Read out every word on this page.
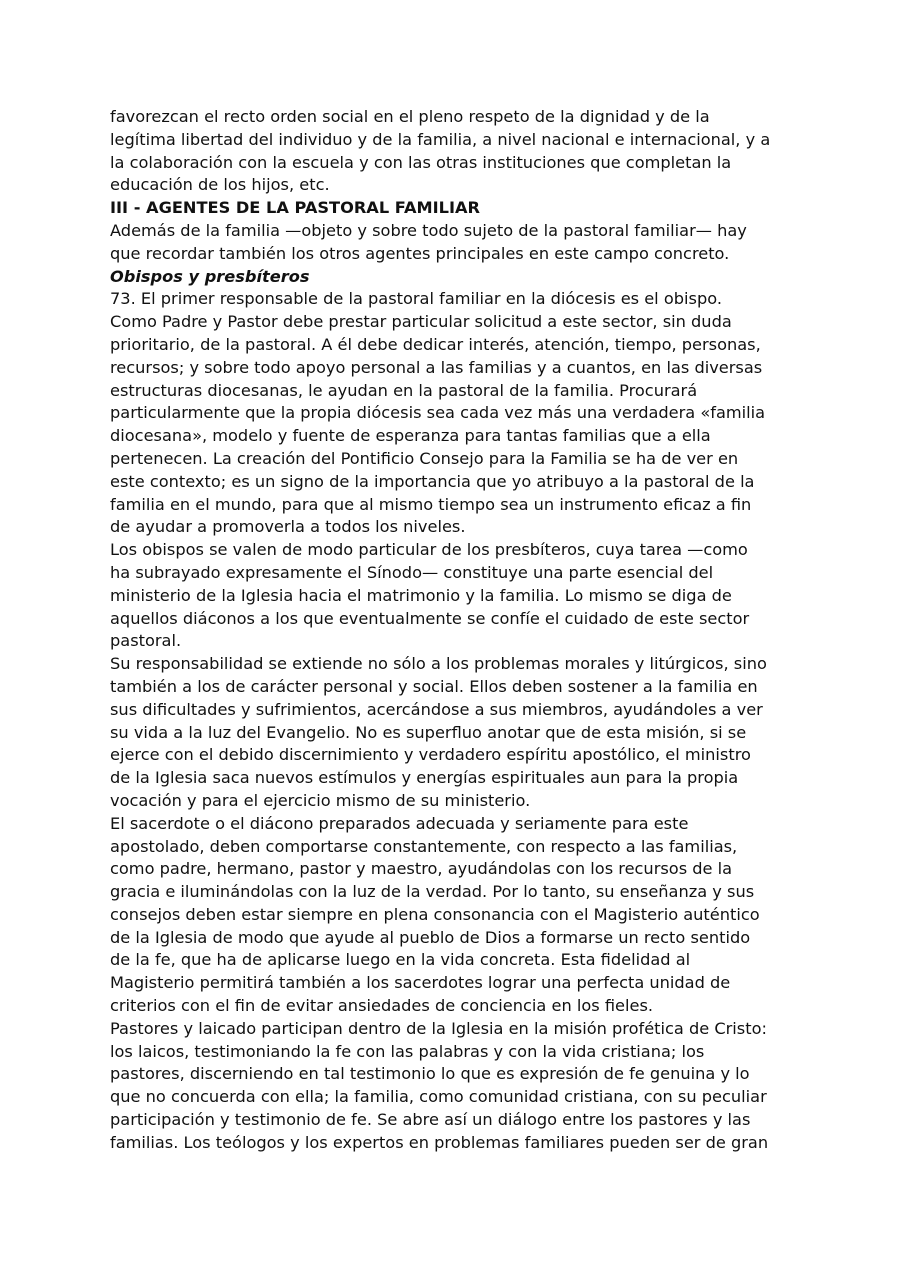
favorezcan el recto orden social en el pleno respeto de la dignidad y de la
legítima libertad del individuo y de la familia, a nivel nacional e internacional, y a
la colaboración con la escuela y con las otras instituciones que completan la
educación de los hijos, etc.

III - AGENTES DE LA PASTORAL FAMILIAR

Además de la familia —objeto y sobre todo sujeto de la pastoral familiar— hay
que recordar también los otros agentes principales en este campo concreto.

Obispos y presbíteros

73. El primer responsable de la pastoral familiar en la diócesis es el obispo.
Como Padre y Pastor debe prestar particular solicitud a este sector, sin duda
prioritario, de la pastoral. A él debe dedicar interés, atención, tiempo, personas,
recursos; y sobre todo apoyo personal a las familias y a cuantos, en las diversas
estructuras diocesanas, le ayudan en la pastoral de la familia. Procurará
particularmente que la propia diócesis sea cada vez más una verdadera «familia
diocesana», modelo y fuente de esperanza para tantas familias que a ella
pertenecen. La creación del Pontificio Consejo para la Familia se ha de ver en
este contexto; es un signo de la importancia que yo atribuyo a la pastoral de la
familia en el mundo, para que al mismo tiempo sea un instrumento eficaz a fin
de ayudar a promoverla a todos los niveles.

Los obispos se valen de modo particular de los presbíteros, cuya tarea —como
ha subrayado expresamente el Sínodo— constituye una parte esencial del
ministerio de la Iglesia hacia el matrimonio y la familia. Lo mismo se diga de
aquellos diáconos a los que eventualmente se confíe el cuidado de este sector
pastoral.

Su responsabilidad se extiende no sólo a los problemas morales y litúrgicos, sino
también a los de carácter personal y social. Ellos deben sostener a la familia en
sus dificultades y sufrimientos, acercándose a sus miembros, ayudándoles a ver
su vida a la luz del Evangelio. No es superfluo anotar que de esta misión, si se
ejerce con el debido discernimiento y verdadero espíritu apostólico, el ministro
de la Iglesia saca nuevos estímulos y energías espirituales aun para la propia
vocación y para el ejercicio mismo de su ministerio.

El sacerdote o el diácono preparados adecuada y seriamente para este
apostolado, deben comportarse constantemente, con respecto a las familias,
como padre, hermano, pastor y maestro, ayudándolas con los recursos de la
gracia e iluminándolas con la luz de la verdad. Por lo tanto, su enseñanza y sus
consejos deben estar siempre en plena consonancia con el Magisterio auténtico
de la Iglesia de modo que ayude al pueblo de Dios a formarse un recto sentido
de la fe, que ha de aplicarse luego en la vida concreta. Esta fidelidad al
Magisterio permitirá también a los sacerdotes lograr una perfecta unidad de
criterios con el fin de evitar ansiedades de conciencia en los fieles.

Pastores y laicado participan dentro de la Iglesia en la misión profética de Cristo:
los laicos, testimoniando la fe con las palabras y con la vida cristiana; los
pastores, discerniendo en tal testimonio lo que es expresión de fe genuina y lo
que no concuerda con ella; la familia, como comunidad cristiana, con su peculiar
participación y testimonio de fe. Se abre así un diálogo entre los pastores y las
familias. Los teólogos y los expertos en problemas familiares pueden ser de gran
